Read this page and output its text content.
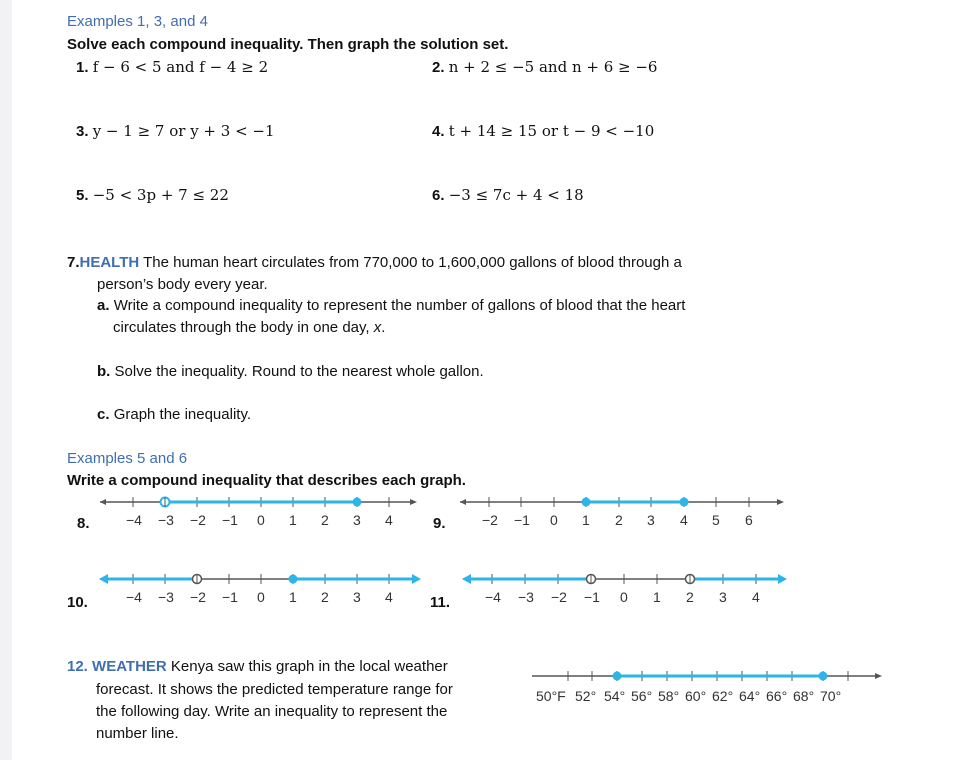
Examples 1, 3, and 4
Solve each compound inequality. Then graph the solution set.
1. f − 6 < 5 and f − 4 ≥ 2	2. n + 2 ≤ −5 and n + 6 ≥ −6
3. y − 1 ≥ 7 or y + 3 < −1	4. t + 14 ≥ 15 or t − 9 < −10
5. −5 < 3p + 7 ≤ 22	6. −3 ≤ 7c + 4 < 18
7.HEALTH The human heart circulates from 770,000 to 1,600,000 gallons of blood through a
person’s body every year.
a. Write a compound inequality to represent the number of gallons of blood that the heart
circulates through the body in one day, x.
b. Solve the inequality. Round to the nearest whole gallon.
c. Graph the inequality.
Examples 5 and 6
Write a compound inequality that describes each graph.
8.	9.
10.	11.
−4 −3 −2 −1 0 1 2 3 4	−2 −1 0 1 2 3 4 5 6
−4 −3 −2 −1 0 1 2 3 4	−4 −3 −2 −1 0 1 2 3 4
12. WEATHER Kenya saw this graph in the local weather
forecast. It shows the predicted temperature range for
the following day. Write an inequality to represent the
number line.
50°F 52° 54° 56° 58° 60° 62° 64° 66° 68° 70°
